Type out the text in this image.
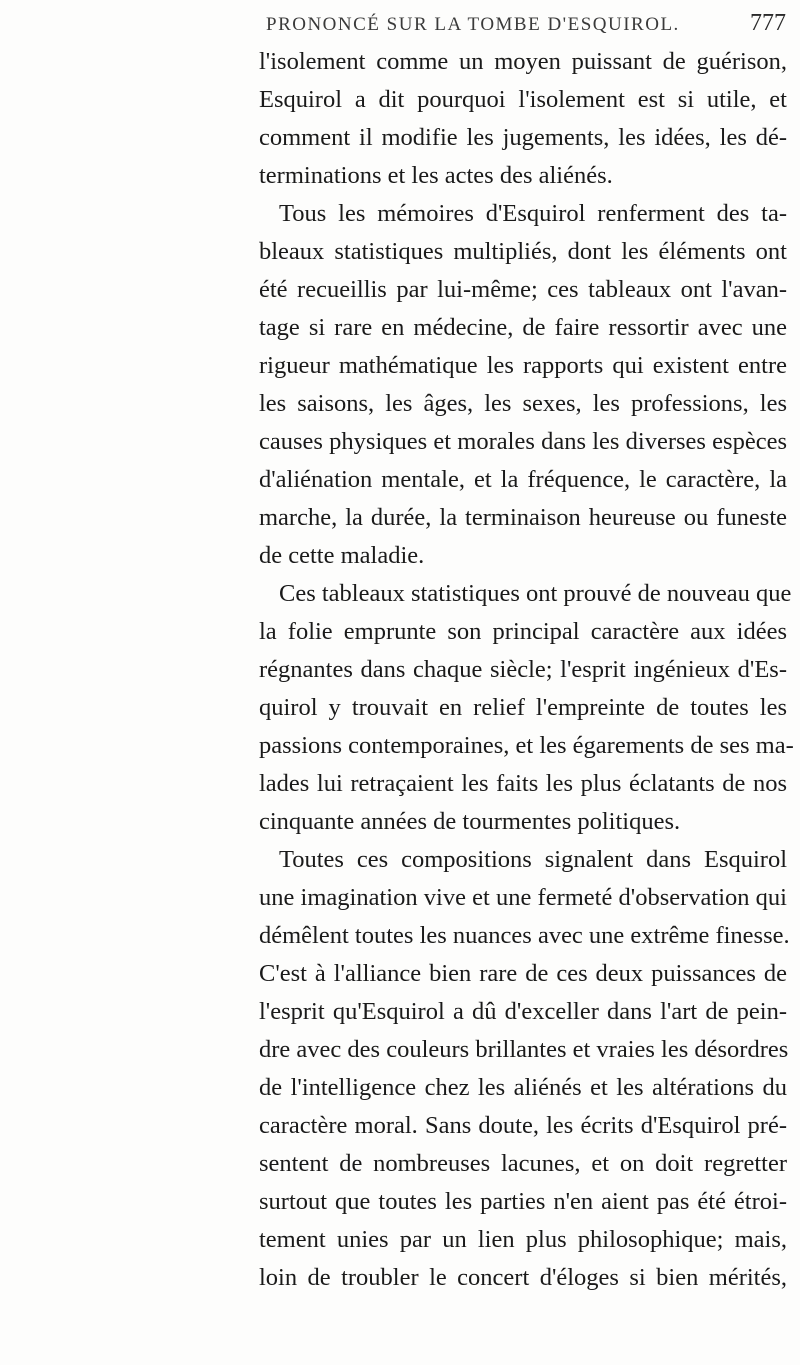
PRONONCÉ SUR LA TOMBE D'ESQUIROL.	777
l'isolement comme un moyen puissant de guérison,
Esquirol a dit pourquoi l'isolement est si utile, et
comment il modifie les jugements, les idées, les dé-
terminations et les actes des aliénés.
Tous les mémoires d'Esquirol renferment des ta-
bleaux statistiques multipliés, dont les éléments ont
été recueillis par lui-même; ces tableaux ont l'avan-
tage si rare en médecine, de faire ressortir avec une
rigueur mathématique les rapports qui existent entre
les saisons, les âges, les sexes, les professions, les
causes physiques et morales dans les diverses espèces
d'aliénation mentale, et la fréquence, le caractère, la
marche, la durée, la terminaison heureuse ou funeste
de cette maladie.
Ces tableaux statistiques ont prouvé de nouveau que
la folie emprunte son principal caractère aux idées
régnantes dans chaque siècle; l'esprit ingénieux d'Es-
quirol y trouvait en relief l'empreinte de toutes les
passions contemporaines, et les égarements de ses ma-
lades lui retraçaient les faits les plus éclatants de nos
cinquante années de tourmentes politiques.
Toutes ces compositions signalent dans Esquirol
une imagination vive et une fermeté d'observation qui
démêlent toutes les nuances avec une extrême finesse.
C'est à l'alliance bien rare de ces deux puissances de
l'esprit qu'Esquirol a dû d'exceller dans l'art de pein-
dre avec des couleurs brillantes et vraies les désordres
de l'intelligence chez les aliénés et les altérations du
caractère moral. Sans doute, les écrits d'Esquirol pré-
sentent de nombreuses lacunes, et on doit regretter
surtout que toutes les parties n'en aient pas été étroi-
tement unies par un lien plus philosophique; mais,
loin de troubler le concert d'éloges si bien mérités,
